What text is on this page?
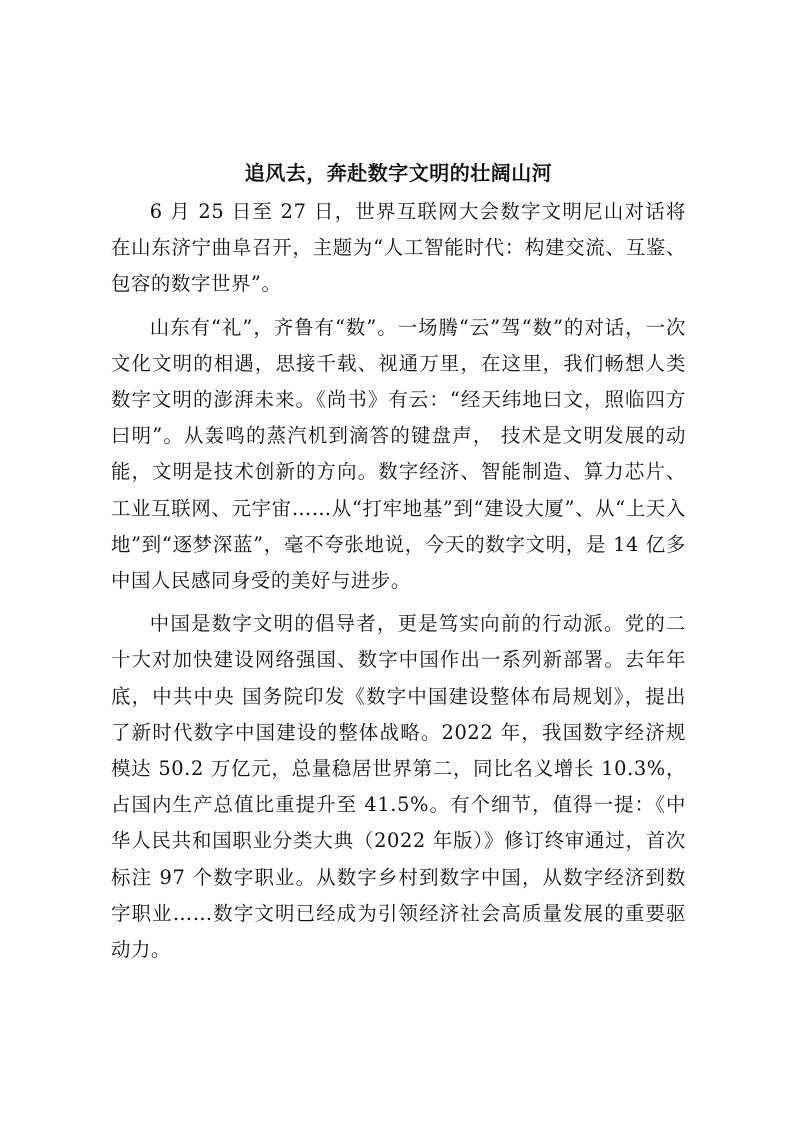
追风去，奔赴数字文明的壮阔山河

6 月 25 日至 27 日，世界互联网大会数字文明尼山对话将在山东济宁曲阜召开，主题为“人工智能时代：构建交流、互鉴、包容的数字世界”。

山东有“礼”，齐鲁有“数”。一场腾“云”驾“数”的对话，一次文化文明的相遇，思接千载、视通万里，在这里，我们畅想人类数字文明的澎湃未来。《尚书》有云：“经天纬地曰文，照临四方曰明”。从轰鸣的蒸汽机到滴答的键盘声， 技术是文明发展的动能，文明是技术创新的方向。数字经济、智能制造、算力芯片、工业互联网、元宇宙……从“打牢地基”到“建设大厦”、从“上天入地”到“逐梦深蓝”，毫不夸张地说，今天的数字文明，是 14 亿多中国人民感同身受的美好与进步。

中国是数字文明的倡导者，更是笃实向前的行动派。党的二十大对加快建设网络强国、数字中国作出一系列新部署。去年年底，中共中央 国务院印发《数字中国建设整体布局规划》，提出了新时代数字中国建设的整体战略。2022 年，我国数字经济规模达 50.2 万亿元，总量稳居世界第二，同比名义增长 10.3%，占国内生产总值比重提升至 41.5%。有个细节，值得一提：《中华人民共和国职业分类大典（2022 年版）》修订终审通过，首次标注 97 个数字职业。从数字乡村到数字中国，从数字经济到数字职业……数字文明已经成为引领经济社会高质量发展的重要驱动力。
